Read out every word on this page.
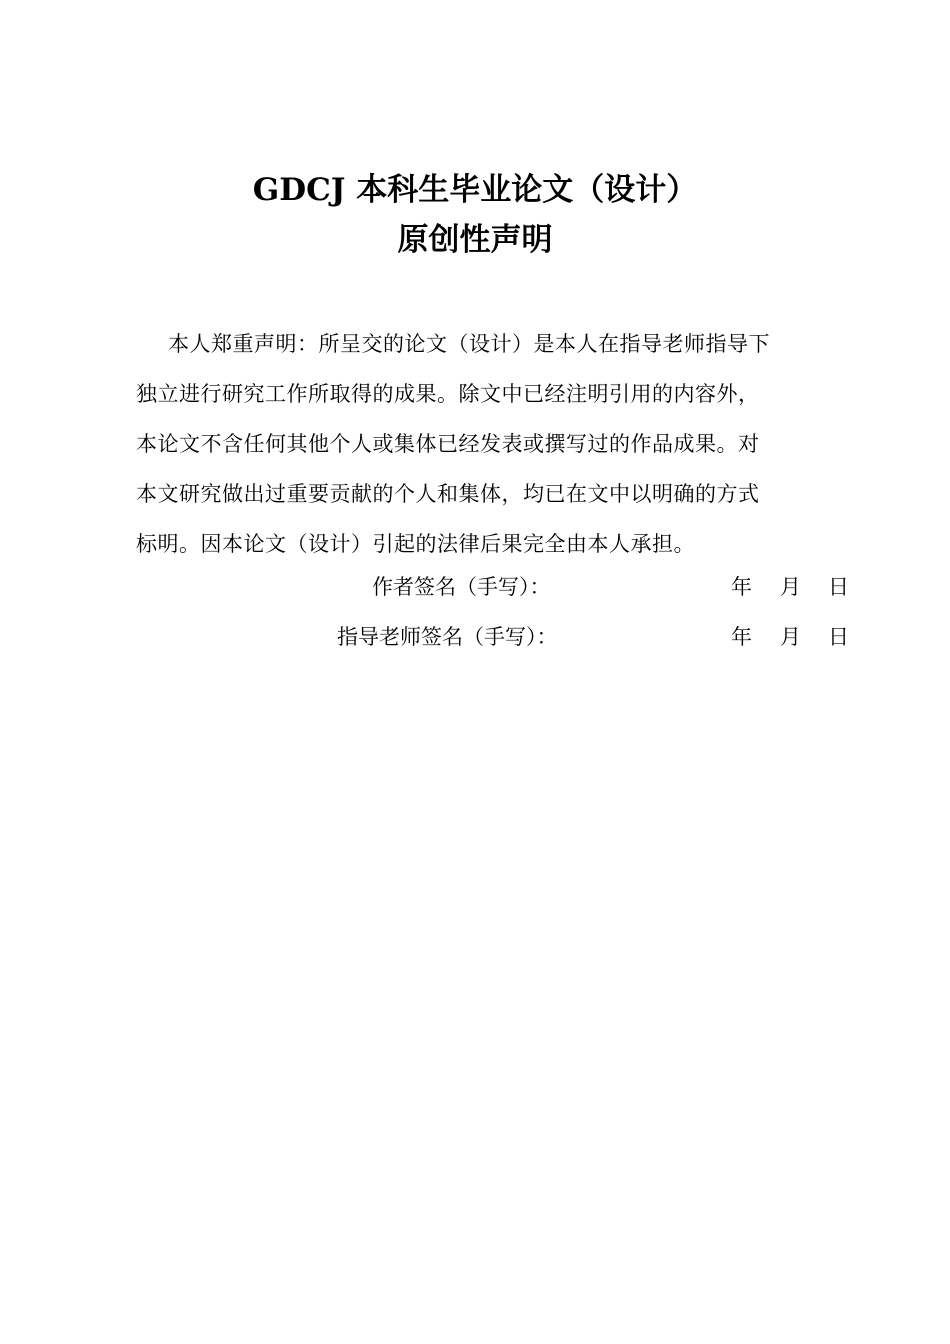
GDCJ 本科生毕业论文（设计）
原创性声明
本人郑重声明：所呈交的论文（设计）是本人在指导老师指导下
独立进行研究工作所取得的成果。除文中已经注明引用的内容外，
本论文不含任何其他个人或集体已经发表或撰写过的作品成果。对
本文研究做出过重要贡献的个人和集体，均已在文中以明确的方式
标明。因本论文（设计）引起的法律后果完全由本人承担。
作者签名（手写）：	年 月 日
指导老师签名（手写）：	年 月 日
